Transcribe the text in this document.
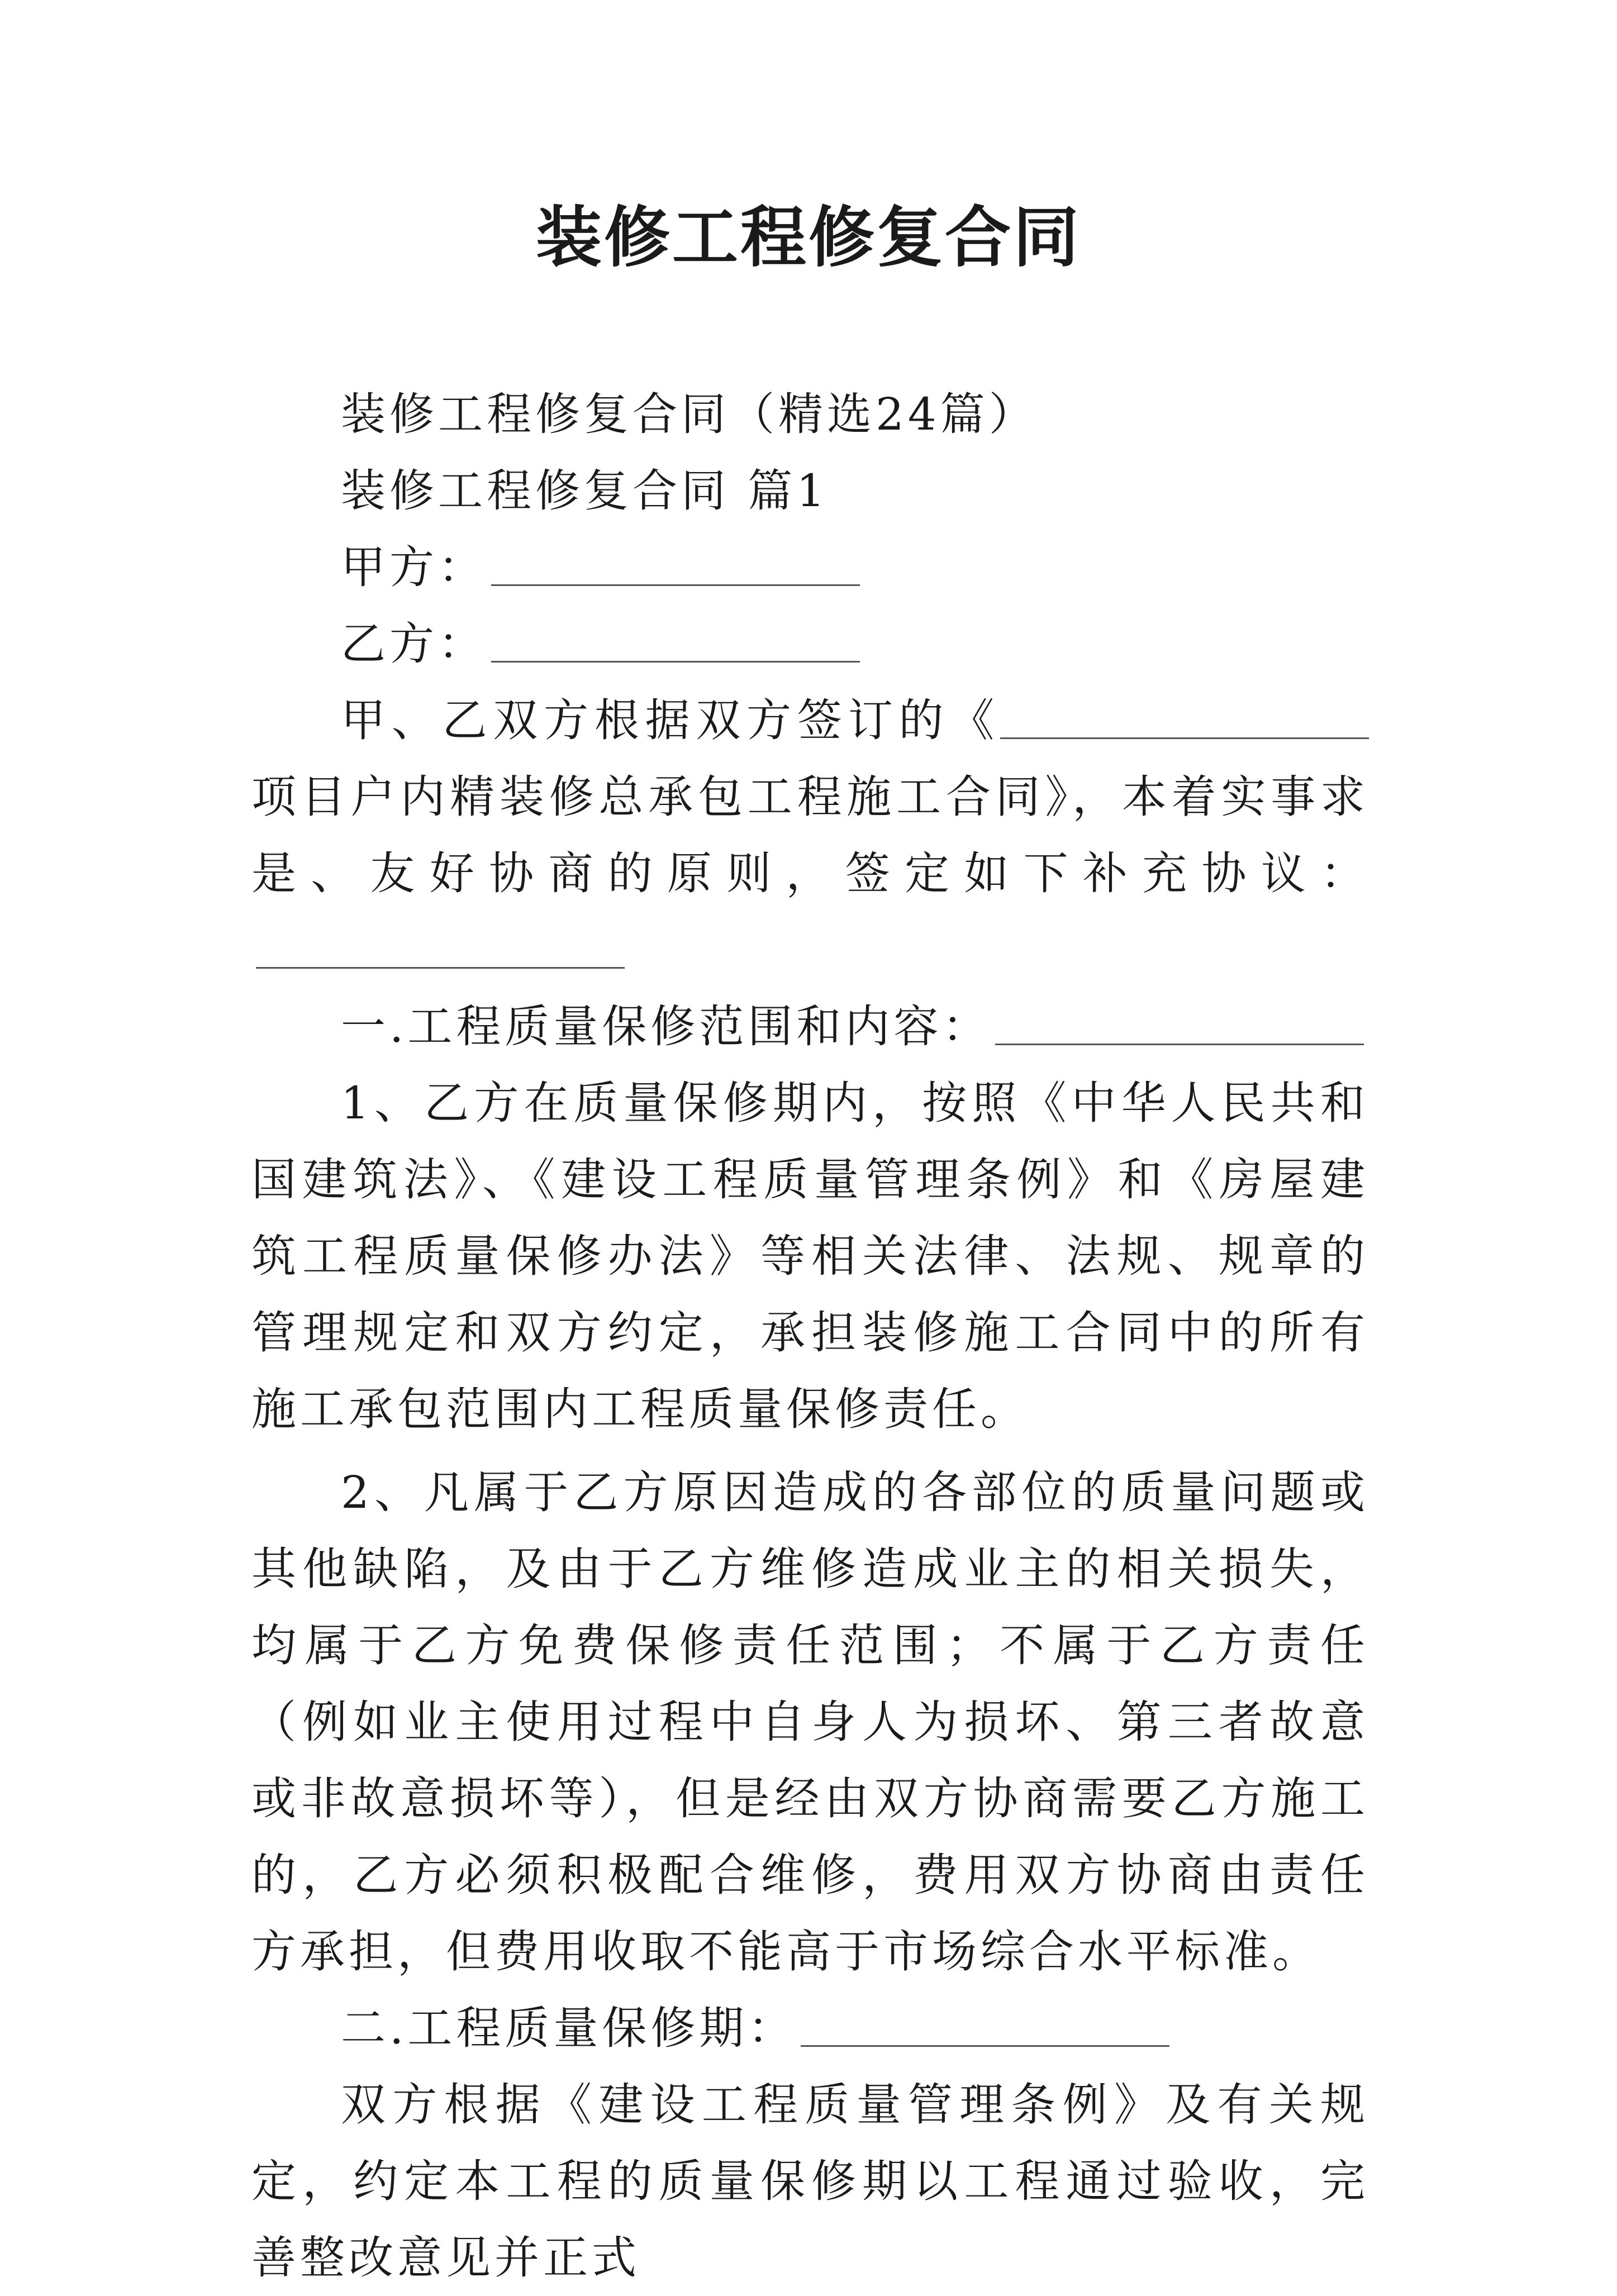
装修工程修复合同

装修工程修复合同（精选24篇）

装修工程修复合同 篇1

甲方：

乙方：

甲、乙双方根据双方签订的《项目户内精装修总承包工程施工合同》，本着实事求是、友好协商的原则，签定如下补充协议：

一.工程质量保修范围和内容：

1、乙方在质量保修期内，按照《中华人民共和国建筑法》、《建设工程质量管理条例》和《房屋建筑工程质量保修办法》等相关法律、法规、规章的管理规定和双方约定，承担装修施工合同中的所有施工承包范围内工程质量保修责任。

2、凡属于乙方原因造成的各部位的质量问题或其他缺陷，及由于乙方维修造成业主的相关损失，均属于乙方免费保修责任范围；不属于乙方责任（例如业主使用过程中自身人为损坏、第三者故意或非故意损坏等），但是经由双方协商需要乙方施工的，乙方必须积极配合维修，费用双方协商由责任方承担，但费用收取不能高于市场综合水平标准。

二.工程质量保修期：

双方根据《建设工程质量管理条例》及有关规定，约定本工程的质量保修期以工程通过验收，完善整改意见并正式
